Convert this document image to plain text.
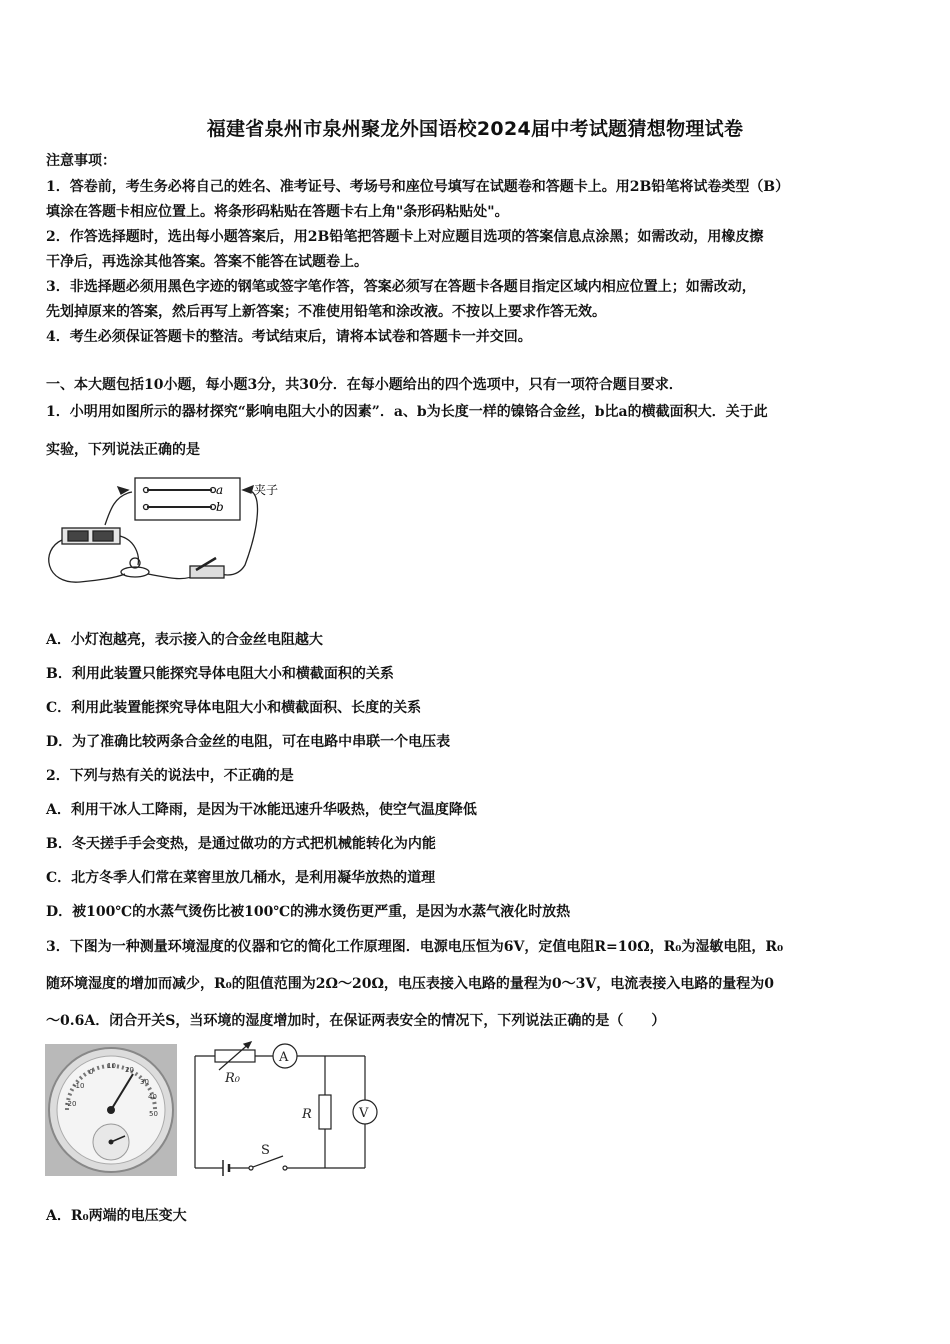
福建省泉州市泉州聚龙外国语校2024届中考试题猜想物理试卷
注意事项：
1．答卷前，考生务必将自己的姓名、准考证号、考场号和座位号填写在试题卷和答题卡上。用2B铅笔将试卷类型（B）
填涂在答题卡相应位置上。将条形码粘贴在答题卡右上角"条形码粘贴处"。
2．作答选择题时，选出每小题答案后，用2B铅笔把答题卡上对应题目选项的答案信息点涂黑；如需改动，用橡皮擦
干净后，再选涂其他答案。答案不能答在试题卷上。
3．非选择题必须用黑色字迹的钢笔或签字笔作答，答案必须写在答题卡各题目指定区域内相应位置上；如需改动，
先划掉原来的答案，然后再写上新答案；不准使用铅笔和涂改液。不按以上要求作答无效。
4．考生必须保证答题卡的整洁。考试结束后，请将本试卷和答题卡一并交回。
一、本大题包括10小题，每小题3分，共30分．在每小题给出的四个选项中，只有一项符合题目要求．
1．小明用如图所示的器材探究“影响电阻大小的因素”．a、b为长度一样的镍铬合金丝，b比a的横截面积大．关于此
实验，下列说法正确的是
a
b
夹子
A．小灯泡越亮，表示接入的合金丝电阻越大
B．利用此装置只能探究导体电阻大小和横截面积的关系
C．利用此装置能探究导体电阻大小和横截面积、长度的关系
D．为了准确比较两条合金丝的电阻，可在电路中串联一个电压表
2．下列与热有关的说法中，不正确的是
A．利用干冰人工降雨，是因为干冰能迅速升华吸热，使空气温度降低
B．冬天搓手手会变热，是通过做功的方式把机械能转化为内能
C．北方冬季人们常在菜窖里放几桶水，是利用凝华放热的道理
D．被100℃的水蒸气烫伤比被100℃的沸水烫伤更严重，是因为水蒸气液化时放热
3．下图为一种测量环境湿度的仪器和它的简化工作原理图．电源电压恒为6V，定值电阻R=10Ω，R₀为湿敏电阻，R₀
随环境湿度的增加而减少，R₀的阻值范围为2Ω～20Ω，电压表接入电路的量程为0～3V，电流表接入电路的量程为0
～0.6A．闭合开关S，当环境的湿度增加时，在保证两表安全的情况下，下列说法正确的是（　　）
20
30
40
50
10
0
-10
-20
A
V
R₀
R
S
A．R₀两端的电压变大
